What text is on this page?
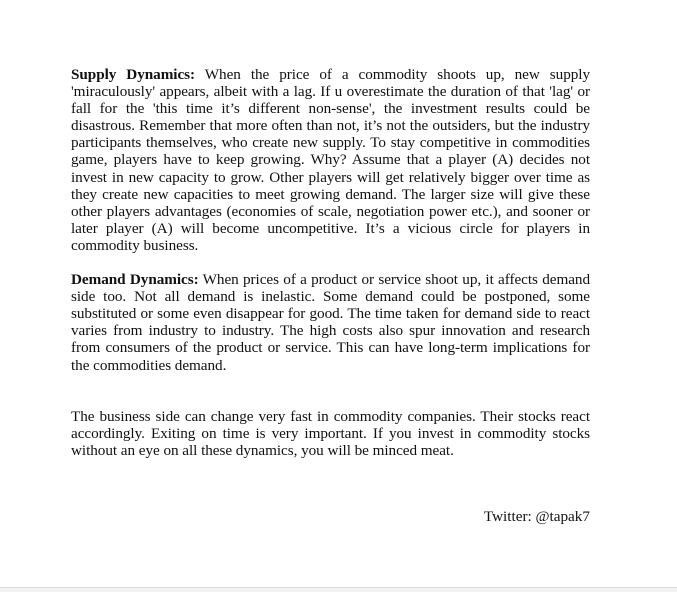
Supply Dynamics: When the price of a commodity shoots up, new supply 'miraculously' appears, albeit with a lag. If u overestimate the duration of that 'lag' or fall for the 'this time it’s different non-sense', the investment results could be disastrous. Remember that more often than not, it’s not the outsiders, but the industry participants themselves, who create new supply. To stay competitive in commodities game, players have to keep growing. Why? Assume that a player (A) decides not invest in new capacity to grow. Other players will get relatively bigger over time as they create new capacities to meet growing demand. The larger size will give these other players advantages (economies of scale, negotiation power etc.), and sooner or later player (A) will become uncompetitive. It’s a vicious circle for players in commodity business.

Demand Dynamics: When prices of a product or service shoot up, it affects demand side too. Not all demand is inelastic. Some demand could be postponed, some substituted or some even disappear for good. The time taken for demand side to react varies from industry to industry. The high costs also spur innovation and research from consumers of the product or service. This can have long-term implications for the commodities demand.

The business side can change very fast in commodity companies. Their stocks react accordingly. Exiting on time is very important. If you invest in commodity stocks without an eye on all these dynamics, you will be minced meat.

Twitter: @tapak7
